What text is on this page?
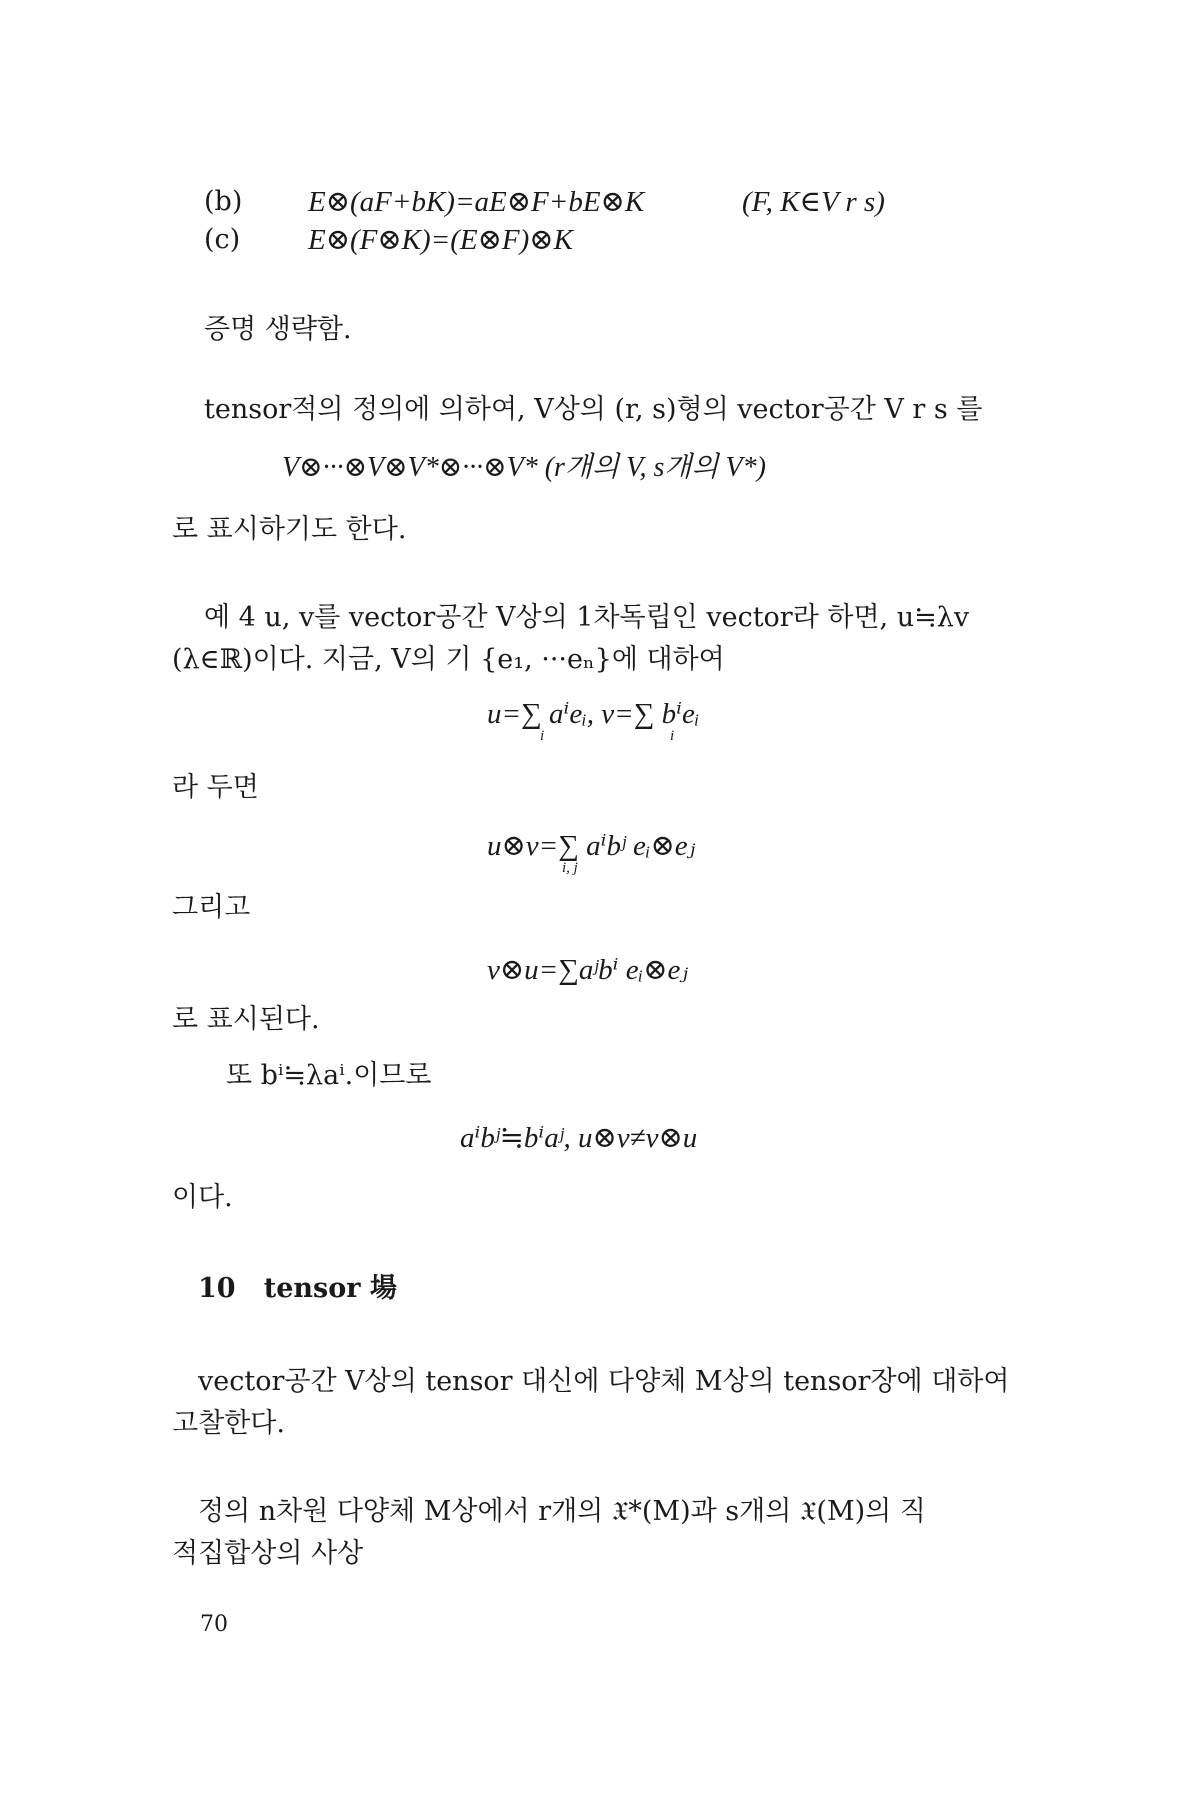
(b) E⊗(aF+bK)=aE⊗F+bE⊗K	(F, K∈V r s)
(c) E⊗(F⊗K)=(E⊗F)⊗K
증명 생략함.
tensor적의 정의에 의하여, V상의 (r, s)형의 vector공간 V r s 를
V⊗···⊗V⊗V*⊗···⊗V* (r개의 V, s개의 V*)
로 표시하기도 한다.
예 4 u, v를 vector공간 V상의 1차독립인 vector라 하면, u≒λv
(λ∈ℝ)이다. 지금, V의 기 {e₁, ···eₙ}에 대하여
u=∑ aⁱeᵢ, v=∑ bⁱeᵢ
i	i
라 두면
u⊗v=∑ aⁱbʲ eᵢ⊗eⱼ
i, j
그리고
v⊗u=∑aʲbⁱ eᵢ⊗eⱼ
로 표시된다.
또 bⁱ≒λaⁱ.이므로
aⁱbʲ≒bⁱaʲ, u⊗v≠v⊗u
이다.
10 tensor 場
vector공간 V상의 tensor 대신에 다양체 M상의 tensor장에 대하여
고찰한다.
정의 n차원 다양체 M상에서 r개의 𝔛*(M)과 s개의 𝔛(M)의 직
적집합상의 사상
70
